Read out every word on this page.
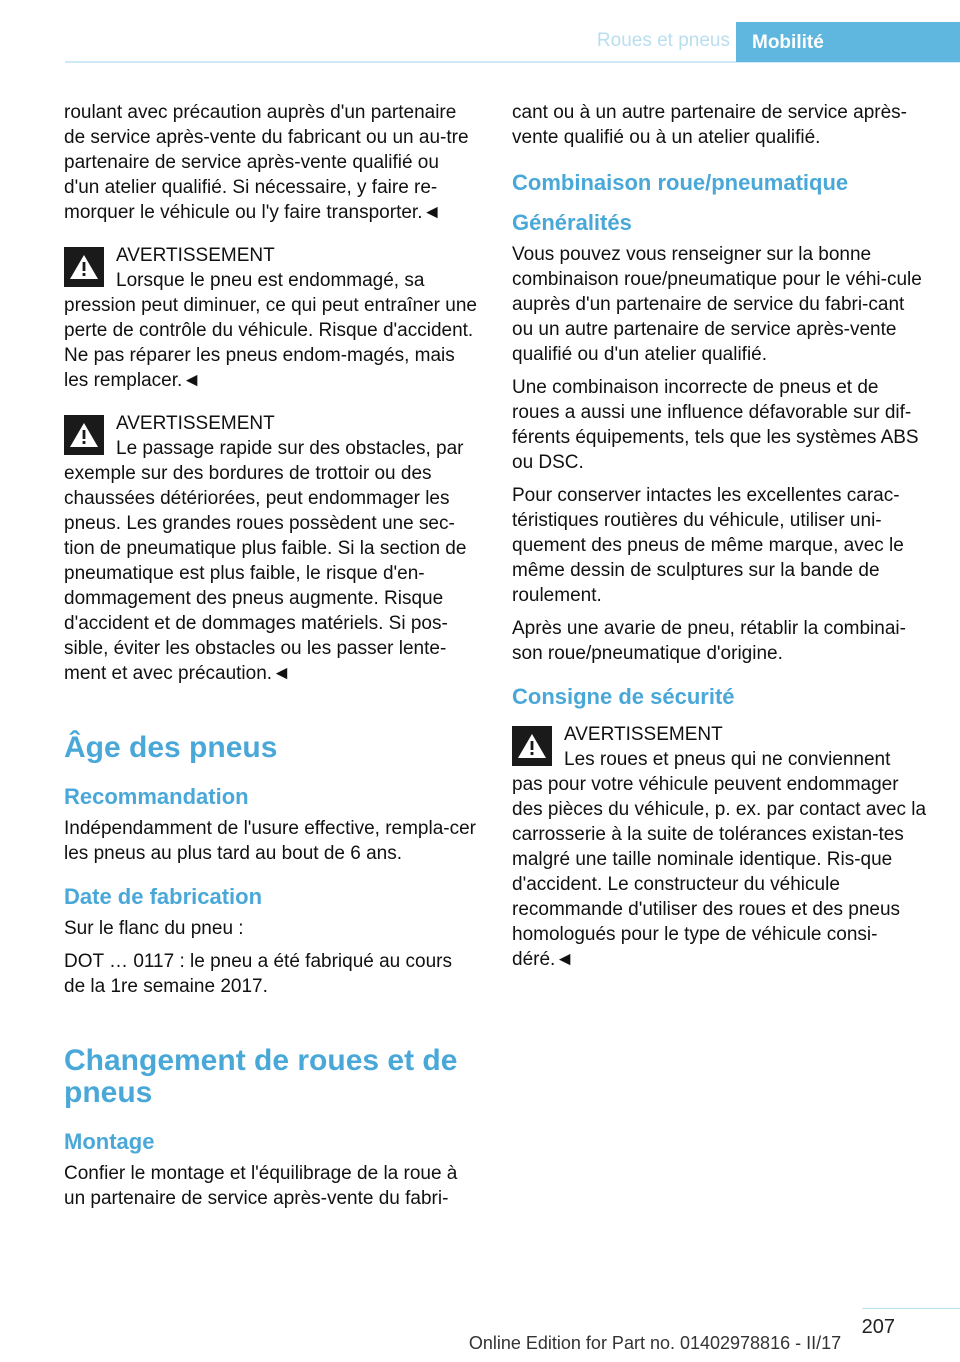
Roues et pneus	Mobilité

roulant avec précaution auprès d'un partenaire de service après-vente du fabricant ou un au-tre partenaire de service après-vente qualifié ou d'un atelier qualifié. Si nécessaire, y faire re-morquer le véhicule ou l'y faire transporter.◄

AVERTISSEMENT
Lorsque le pneu est endommagé, sa
pression peut diminuer, ce qui peut entraîner une perte de contrôle du véhicule. Risque d'accident. Ne pas réparer les pneus endom-magés, mais les remplacer.◄
AVERTISSEMENT
Le passage rapide sur des obstacles, par
exemple sur des bordures de trottoir ou des chaussées détériorées, peut endommager les pneus. Les grandes roues possèdent une sec-tion de pneumatique plus faible. Si la section de pneumatique est plus faible, le risque d'en-dommagement des pneus augmente. Risque d'accident et de dommages matériels. Si pos-sible, éviter les obstacles ou les passer lente-ment et avec précaution.◄
Âge des pneus
Recommandation

Indépendamment de l'usure effective, rempla-cer les pneus au plus tard au bout de 6 ans.

Date de fabrication

Sur le flanc du pneu :

DOT … 0117 : le pneu a été fabriqué au cours de la 1re semaine 2017.

Changement de roues et de pneus
Montage

Confier le montage et l'équilibrage de la roue à un partenaire de service après-vente du fabri-

cant ou à un autre partenaire de service après-vente qualifié ou à un atelier qualifié.

Combinaison roue/pneumatique
Généralités

Vous pouvez vous renseigner sur la bonne combinaison roue/pneumatique pour le véhi-cule auprès d'un partenaire de service du fabri-cant ou un autre partenaire de service après-vente qualifié ou d'un atelier qualifié.

Une combinaison incorrecte de pneus et de roues a aussi une influence défavorable sur dif-férents équipements, tels que les systèmes ABS ou DSC.

Pour conserver intactes les excellentes carac-téristiques routières du véhicule, utiliser uni-quement des pneus de même marque, avec le même dessin de sculptures sur la bande de roulement.

Après une avarie de pneu, rétablir la combinai-son roue/pneumatique d'origine.

Consigne de sécurité
AVERTISSEMENT
Les roues et pneus qui ne conviennent
pas pour votre véhicule peuvent endommager des pièces du véhicule, p. ex. par contact avec la carrosserie à la suite de tolérances existan-tes malgré une taille nominale identique. Ris-que d'accident. Le constructeur du véhicule recommande d'utiliser des roues et des pneus homologués pour le type de véhicule consi-déré.◄
207
Online Edition for Part no. 01402978816 - II/17
